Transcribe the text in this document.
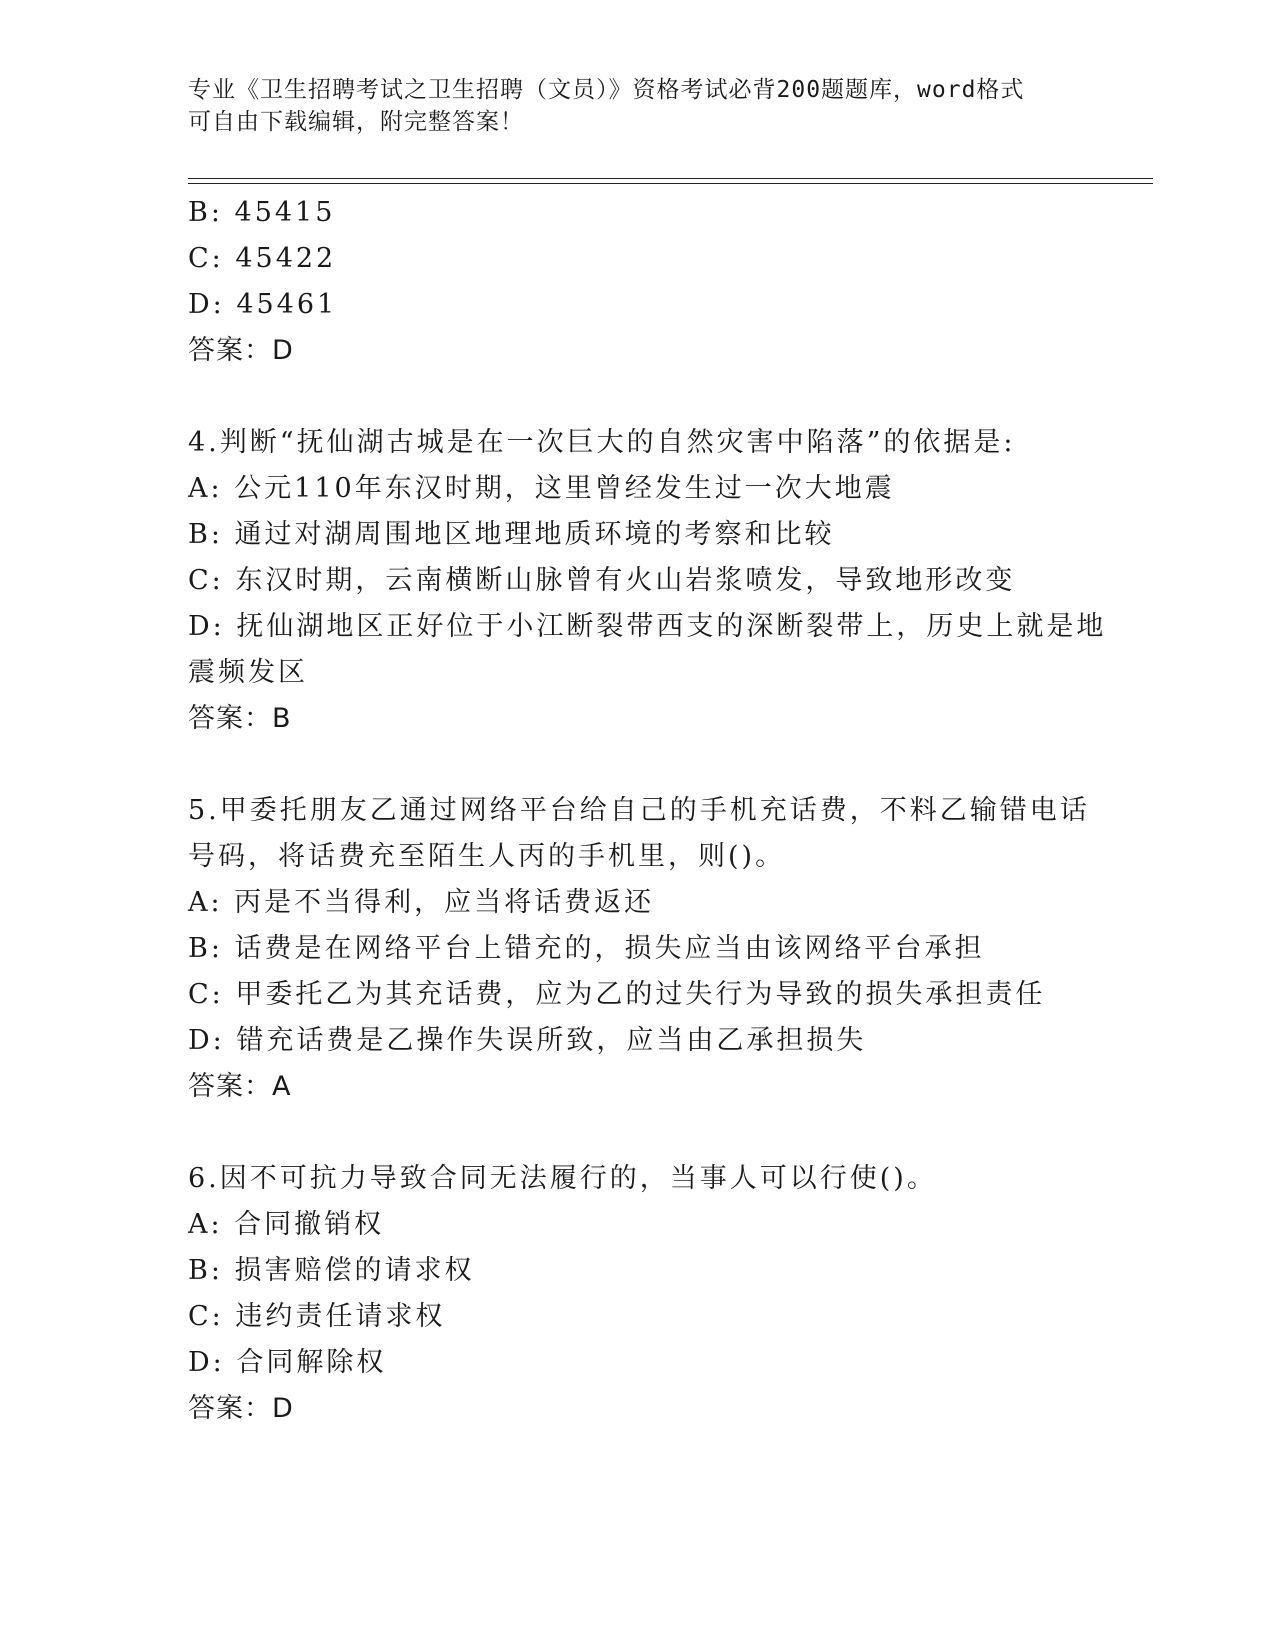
专业《卫生招聘考试之卫生招聘（文员）》资格考试必背200题题库，word格式
可自由下载编辑，附完整答案！
B: 45415
C: 45422
D: 45461
答案：D
4.判断“抚仙湖古城是在一次巨大的自然灾害中陷落”的依据是:
A: 公元110年东汉时期，这里曾经发生过一次大地震
B: 通过对湖周围地区地理地质环境的考察和比较
C: 东汉时期，云南横断山脉曾有火山岩浆喷发，导致地形改变
D: 抚仙湖地区正好位于小江断裂带西支的深断裂带上，历史上就是地
震频发区
答案：B
5.甲委托朋友乙通过网络平台给自己的手机充话费，不料乙输错电话
号码，将话费充至陌生人丙的手机里，则()。
A: 丙是不当得利，应当将话费返还
B: 话费是在网络平台上错充的，损失应当由该网络平台承担
C: 甲委托乙为其充话费，应为乙的过失行为导致的损失承担责任
D: 错充话费是乙操作失误所致，应当由乙承担损失
答案：A
6.因不可抗力导致合同无法履行的，当事人可以行使()。
A: 合同撤销权
B: 损害赔偿的请求权
C: 违约责任请求权
D: 合同解除权
答案：D
